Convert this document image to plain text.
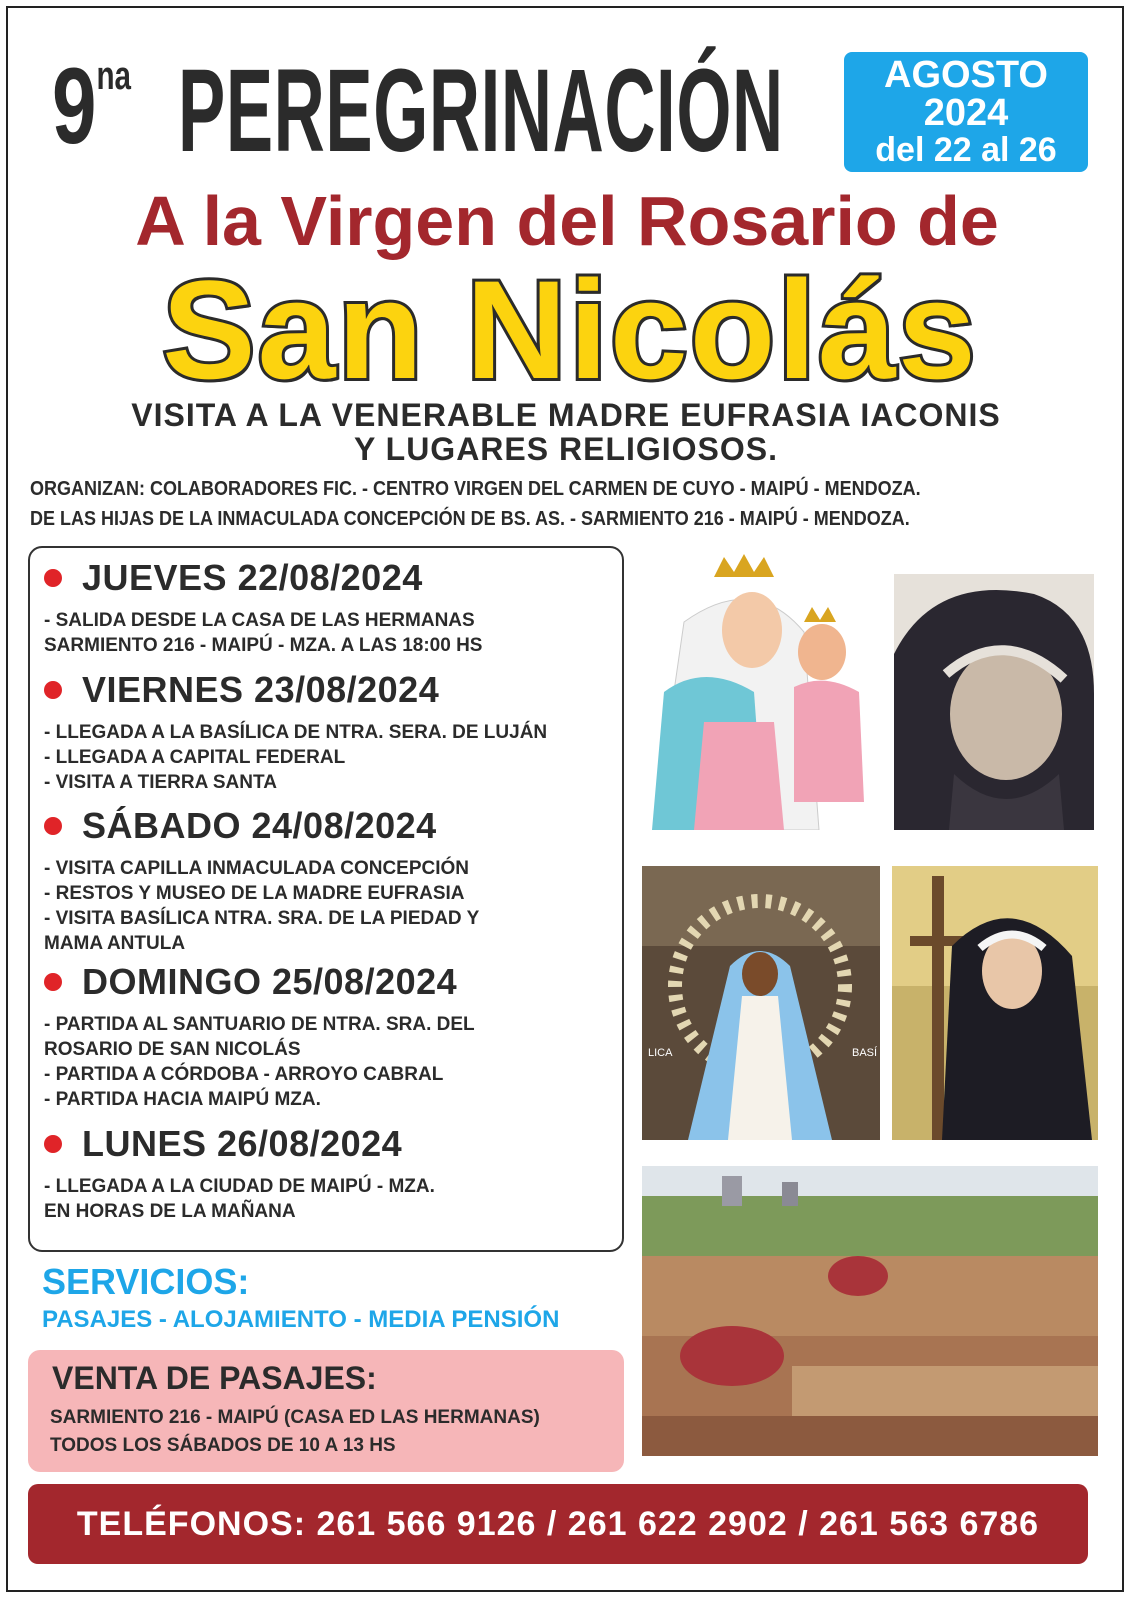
$9^{na}$ PEREGRINACIÓN	AGOSTO
2024
del 22 al 26
A la Virgen del Rosario de
San Nicolás
VISITA A LA VENERABLE MADRE EUFRASIA IACONIS
Y LUGARES RELIGIOSOS.
ORGANIZAN: COLABORADORES FIC. - CENTRO VIRGEN DEL CARMEN DE CUYO - MAIPÚ - MENDOZA.
DE LAS HIJAS DE LA INMACULADA CONCEPCIÓN DE BS. AS. - SARMIENTO 216 - MAIPÚ - MENDOZA.
JUEVES 22/08/2024
- SALIDA DESDE LA CASA DE LAS HERMANAS
SARMIENTO 216 - MAIPÚ - MZA. A LAS 18:00 HS
VIERNES 23/08/2024
- LLEGADA A LA BASÍLICA DE NTRA. SERA. DE LUJÁN
- LLEGADA A CAPITAL FEDERAL
- VISITA A TIERRA SANTA
SÁBADO 24/08/2024
- VISITA CAPILLA INMACULADA CONCEPCIÓN
- RESTOS Y MUSEO DE LA MADRE EUFRASIA
- VISITA BASÍLICA NTRA. SRA. DE LA PIEDAD Y
MAMA ANTULA
DOMINGO 25/08/2024
- PARTIDA AL SANTUARIO DE NTRA. SRA. DEL
ROSARIO DE SAN NICOLÁS
- PARTIDA A CÓRDOBA - ARROYO CABRAL
- PARTIDA HACIA MAIPÚ MZA.
LUNES 26/08/2024
- LLEGADA A LA CIUDAD DE MAIPÚ - MZA.
EN HORAS DE LA MAÑANA
SERVICIOS:
PASAJES - ALOJAMIENTO - MEDIA PENSIÓN
VENTA DE PASAJES:
SARMIENTO 216 - MAIPÚ (CASA ED LAS HERMANAS)
TODOS LOS SÁBADOS DE 10 A 13 HS
TELÉFONOS: 261 566 9126 / 261 622 2902 / 261 563 6786
LICA	BASÍ
